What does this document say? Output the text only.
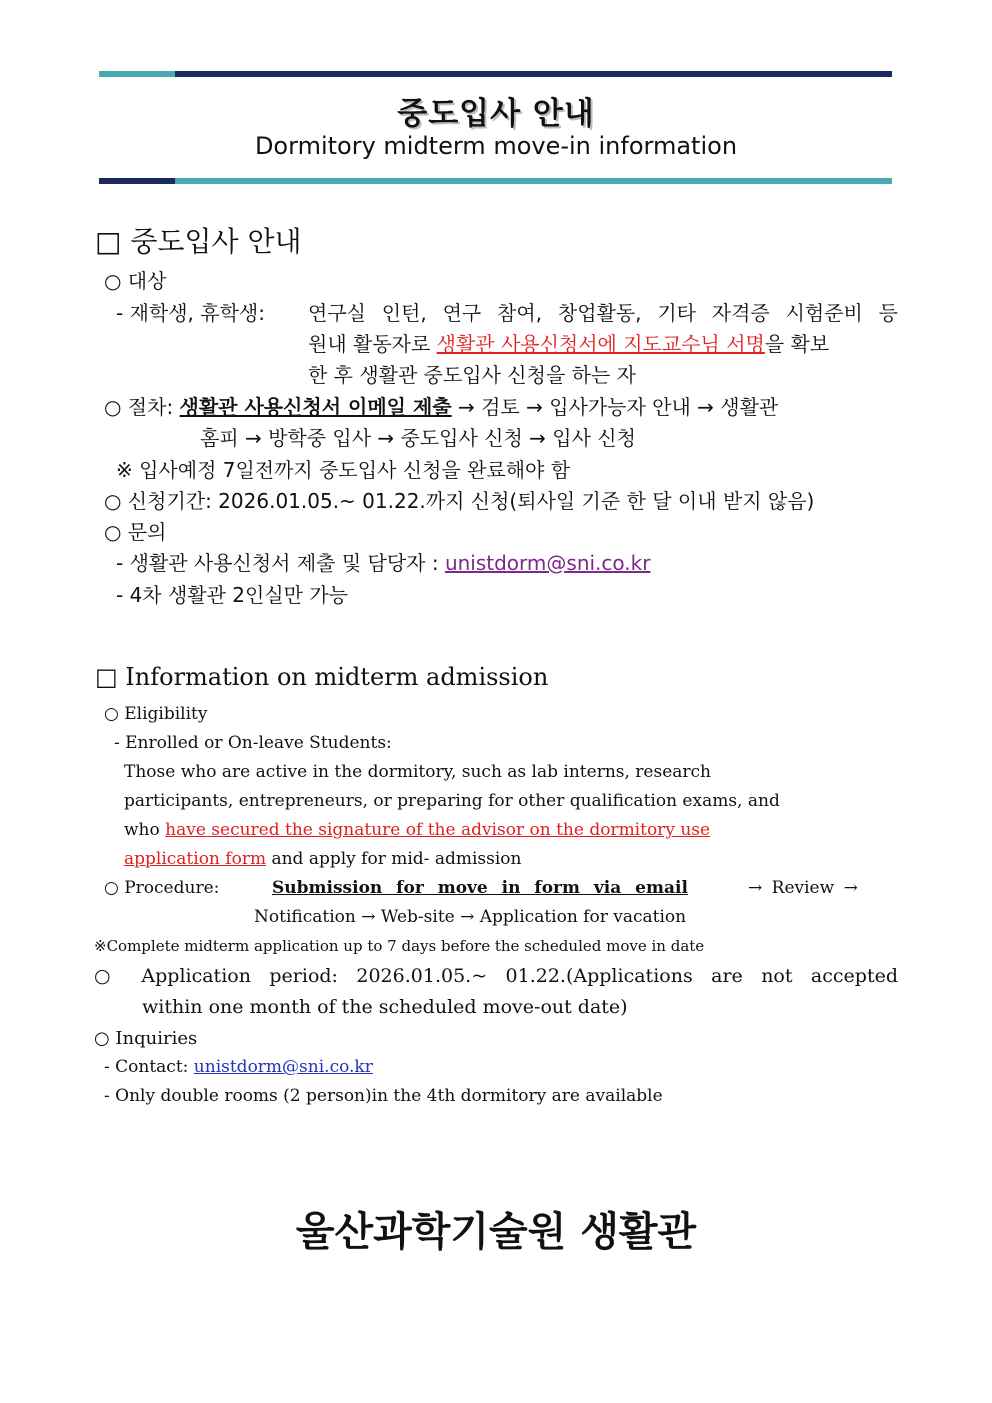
중도입사 안내
Dormitory midterm move-in information
□ 중도입사 안내
○ 대상
- 재학생, 휴학생: 연구실 인턴, 연구 참여, 창업활동, 기타 자격증 시험준비 등
원내 활동자로 생활관 사용신청서에 지도교수님 서명을 확보
한 후 생활관 중도입사 신청을 하는 자
○ 절차: 생활관 사용신청서 이메일 제출 → 검토 → 입사가능자 안내 → 생활관
홈피 → 방학중 입사 → 중도입사 신청 → 입사 신청
※ 입사예정 7일전까지 중도입사 신청을 완료해야 함
○ 신청기간: 2026.01.05.~ 01.22.까지 신청(퇴사일 기준 한 달 이내 받지 않음)
○ 문의
- 생활관 사용신청서 제출 및 담당자 : unistdorm@sni.co.kr
- 4차 생활관 2인실만 가능
□ Information on midterm admission
○ Eligibility
- Enrolled or On-leave Students:
Those who are active in the dormitory, such as lab interns, research
participants, entrepreneurs, or preparing for other qualification exams, and
who have secured the signature of the advisor on the dormitory use
application form and apply for mid- admission
○ Procedure:	Submission for move in form via email	→ Review →
Notification → Web-site → Application for vacation
※Complete midterm application up to 7 days before the scheduled move in date
○ Application period: 2026.01.05.~ 01.22.(Applications are not accepted
within one month of the scheduled move-out date)
○ Inquiries
- Contact: unistdorm@sni.co.kr
- Only double rooms (2 person)in the 4th dormitory are available
울산과학기술원 생활관
